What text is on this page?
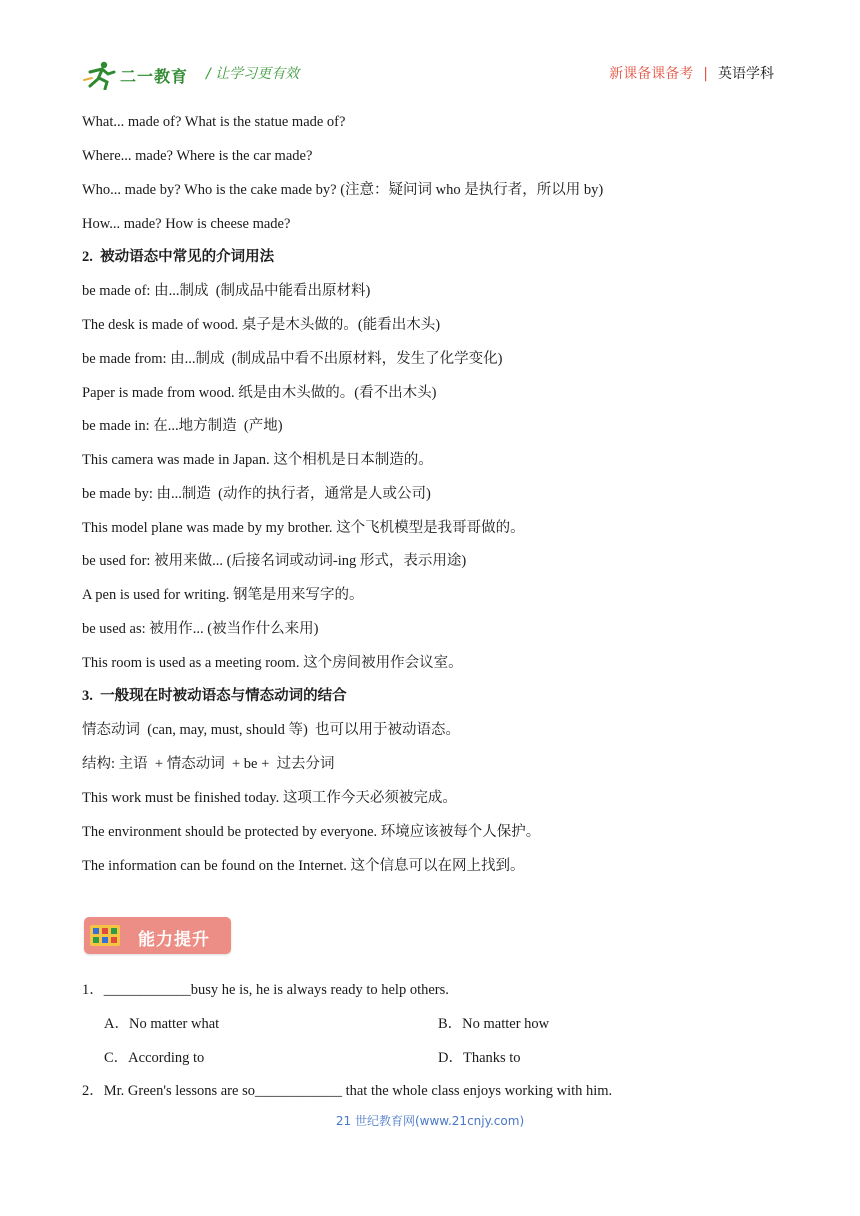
二一教育 / 让学习更有效	新课备课备考 | 英语学科
What... made of? What is the statue made of?
Where... made? Where is the car made?
Who... made by? Who is the cake made by? (注意：疑问词 who 是执行者，所以用 by)
How... made? How is cheese made?
2.  被动语态中常见的介词用法
be made of: 由...制成  (制成品中能看出原材料)
The desk is made of wood. 桌子是木头做的。(能看出木头)
be made from: 由...制成  (制成品中看不出原材料，发生了化学变化)
Paper is made from wood. 纸是由木头做的。(看不出木头)
be made in: 在...地方制造  (产地)
This camera was made in Japan. 这个相机是日本制造的。
be made by: 由...制造  (动作的执行者，通常是人或公司)
This model plane was made by my brother. 这个飞机模型是我哥哥做的。
be used for: 被用来做... (后接名词或动词-ing 形式，表示用途)
A pen is used for writing. 钢笔是用来写字的。
be used as: 被用作... (被当作什么来用)
This room is used as a meeting room. 这个房间被用作会议室。
3.  一般现在时被动语态与情态动词的结合
情态动词  (can, may, must, should 等)  也可以用于被动语态。
结构: 主语  + 情态动词  + be +  过去分词
This work must be finished today. 这项工作今天必须被完成。
The environment should be protected by everyone. 环境应该被每个人保护。
The information can be found on the Internet. 这个信息可以在网上找到。
能力提升
1．____________busy he is, he is always ready to help others.
A．No matter what	B．No matter how
C．According to	D．Thanks to
2．Mr. Green's lessons are so____________ that the whole class enjoys working with him.
21 世纪教育网(www.21cnjy.com)
